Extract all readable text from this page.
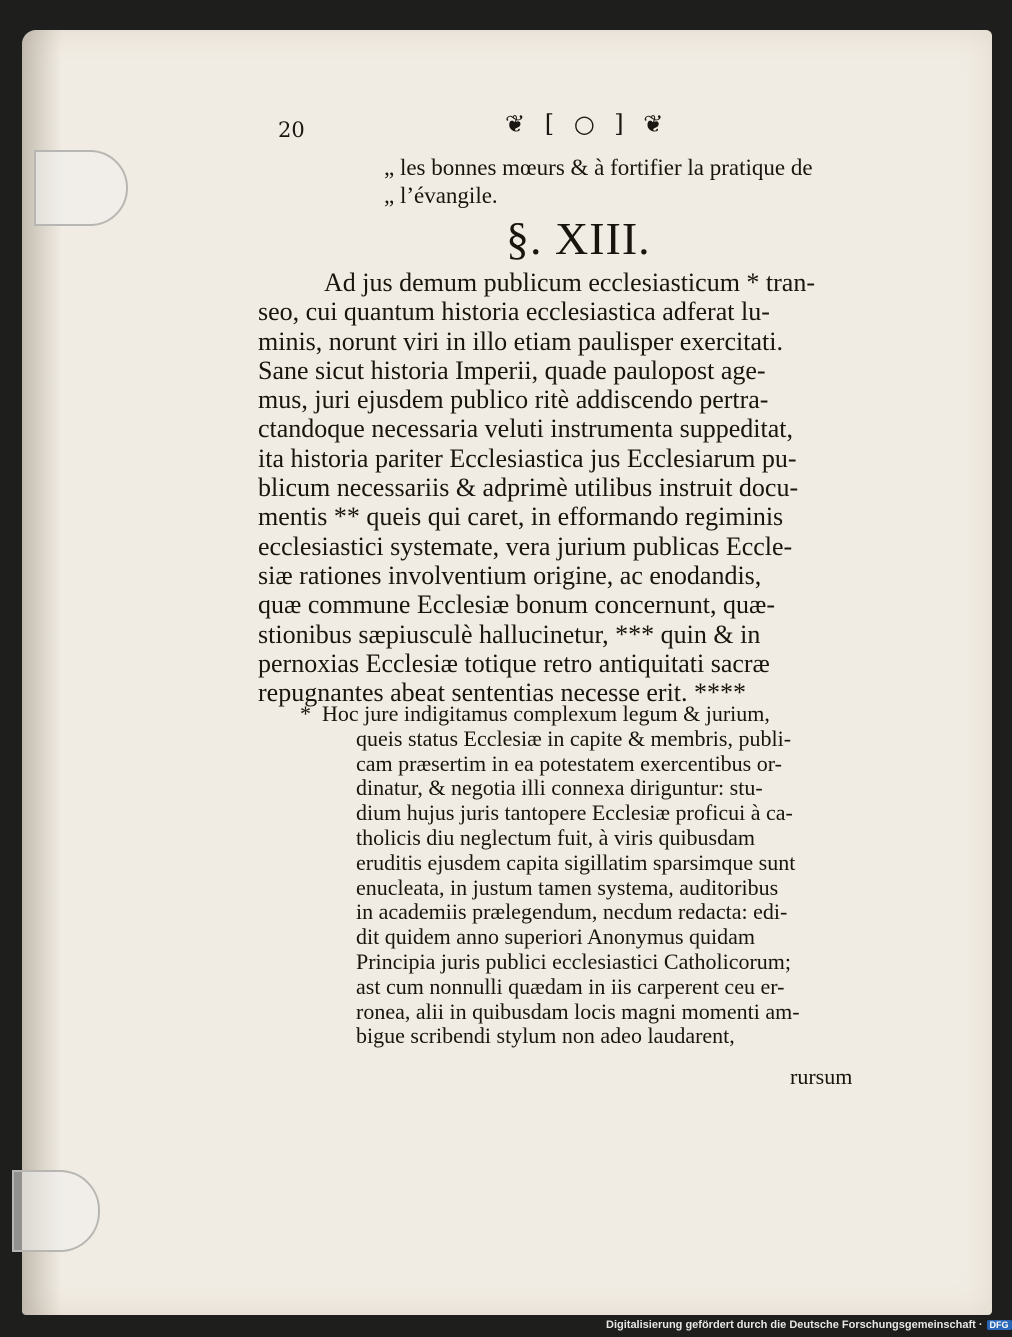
20	❦ [ ○ ] ❦
„ les bonnes mœurs & à fortifier la pratique de
„ l’évangile.
§. XIII.
Ad jus demum publicum ecclesiasticum * tran-
seo, cui quantum historia ecclesiastica adferat lu-
minis, norunt viri in illo etiam paulisper exercitati.
Sane sicut historia Imperii, quade paulopost age-
mus, juri ejusdem publico ritè addiscendo pertra-
ctandoque necessaria veluti instrumenta suppeditat,
ita historia pariter Ecclesiastica jus Ecclesiarum pu-
blicum necessariis & adprimè utilibus instruit docu-
mentis ** queis qui caret, in efformando regiminis
ecclesiastici systemate, vera jurium publicas Eccle-
siæ rationes involventium origine, ac enodandis,
quæ commune Ecclesiæ bonum concernunt, quæ-
stionibus sæpiusculè hallucinetur, *** quin & in
pernoxias Ecclesiæ totique retro antiquitati sacræ
repugnantes abeat sententias necesse erit. ****
* Hoc jure indigitamus complexum legum & jurium,
queis status Ecclesiæ in capite & membris, publi-
cam præsertim in ea potestatem exercentibus or-
dinatur, & negotia illi connexa diriguntur: stu-
dium hujus juris tantopere Ecclesiæ proficui à ca-
tholicis diu neglectum fuit, à viris quibusdam
eruditis ejusdem capita sigillatim sparsimque sunt
enucleata, in justum tamen systema, auditoribus
in academiis prælegendum, necdum redacta: edi-
dit quidem anno superiori Anonymus quidam
Principia juris publici ecclesiastici Catholicorum;
ast cum nonnulli quædam in iis carperent ceu er-
ronea, alii in quibusdam locis magni momenti am-
bigue scribendi stylum non adeo laudarent,
rursum
Digitalisierung gefördert durch die Deutsche Forschungsgemeinschaft · DFG
